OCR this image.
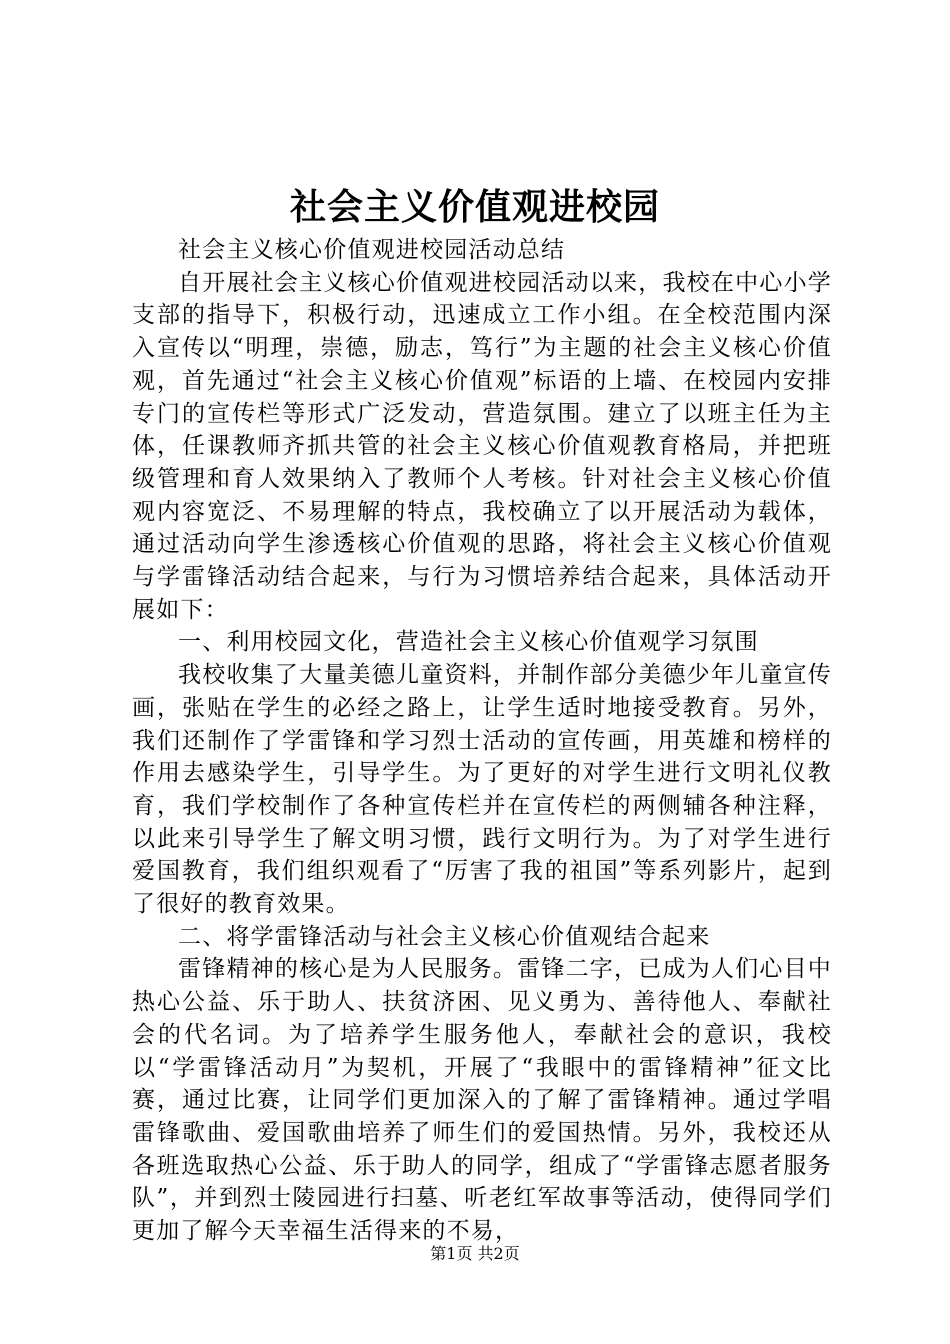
社会主义价值观进校园

社会主义核心价值观进校园活动总结

自开展社会主义核心价值观进校园活动以来，我校在中心小学支部的指导下，积极行动，迅速成立工作小组。在全校范围内深入宣传以“明理，崇德，励志，笃行”为主题的社会主义核心价值观，首先通过“社会主义核心价值观”标语的上墙、在校园内安排专门的宣传栏等形式广泛发动，营造氛围。建立了以班主任为主体，任课教师齐抓共管的社会主义核心价值观教育格局，并把班级管理和育人效果纳入了教师个人考核。针对社会主义核心价值观内容宽泛、不易理解的特点，我校确立了以开展活动为载体，通过活动向学生渗透核心价值观的思路，将社会主义核心价值观与学雷锋活动结合起来，与行为习惯培养结合起来，具体活动开展如下：

一、利用校园文化，营造社会主义核心价值观学习氛围

我校收集了大量美德儿童资料，并制作部分美德少年儿童宣传画，张贴在学生的必经之路上，让学生适时地接受教育。另外，我们还制作了学雷锋和学习烈士活动的宣传画，用英雄和榜样的作用去感染学生，引导学生。为了更好的对学生进行文明礼仪教育，我们学校制作了各种宣传栏并在宣传栏的两侧辅各种注释，以此来引导学生了解文明习惯，践行文明行为。为了对学生进行爱国教育，我们组织观看了“厉害了我的祖国”等系列影片，起到了很好的教育效果。

二、将学雷锋活动与社会主义核心价值观结合起来

雷锋精神的核心是为人民服务。雷锋二字，已成为人们心目中热心公益、乐于助人、扶贫济困、见义勇为、善待他人、奉献社会的代名词。为了培养学生服务他人，奉献社会的意识，我校以“学雷锋活动月”为契机，开展了“我眼中的雷锋精神”征文比赛，通过比赛，让同学们更加深入的了解了雷锋精神。通过学唱雷锋歌曲、爱国歌曲培养了师生们的爱国热情。另外，我校还从各班选取热心公益、乐于助人的同学，组成了“学雷锋志愿者服务队”，并到烈士陵园进行扫墓、听老红军故事等活动，使得同学们更加了解今天幸福生活得来的不易，

第1页 共2页
